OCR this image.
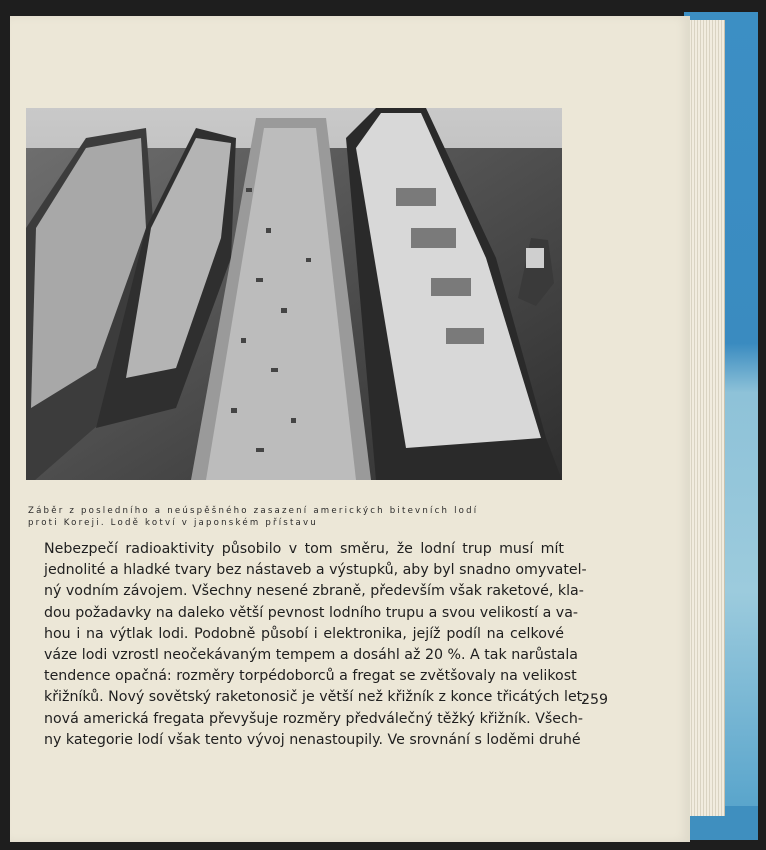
Záběr z posledního a neúspěšného zasazení amerických bitevních lodí
proti Koreji. Lodě kotví v japonském přístavu
Nebezpečí radioaktivity působilo v tom směru, že lodní trup musí mít
jednolité a hladké tvary bez nástaveb a výstupků, aby byl snadno omyvatel-
ný vodním závojem. Všechny nesené zbraně, především však raketové, kla-
dou požadavky na daleko větší pevnost lodního trupu a svou velikostí a va-
hou i na výtlak lodi. Podobně působí i elektronika, jejíž podíl na celkové
váze lodi vzrostl neočekávaným tempem a dosáhl až 20 %. A tak narůstala
tendence opačná: rozměry torpédoborců a fregat se zvětšovaly na velikost
křižníků. Nový sovětský raketonosič je větší než křižník z konce třicátých let,
nová americká fregata převyšuje rozměry předválečný těžký křižník. Všech-
ny kategorie lodí však tento vývoj nenastoupily. Ve srovnání s loděmi druhé
259
